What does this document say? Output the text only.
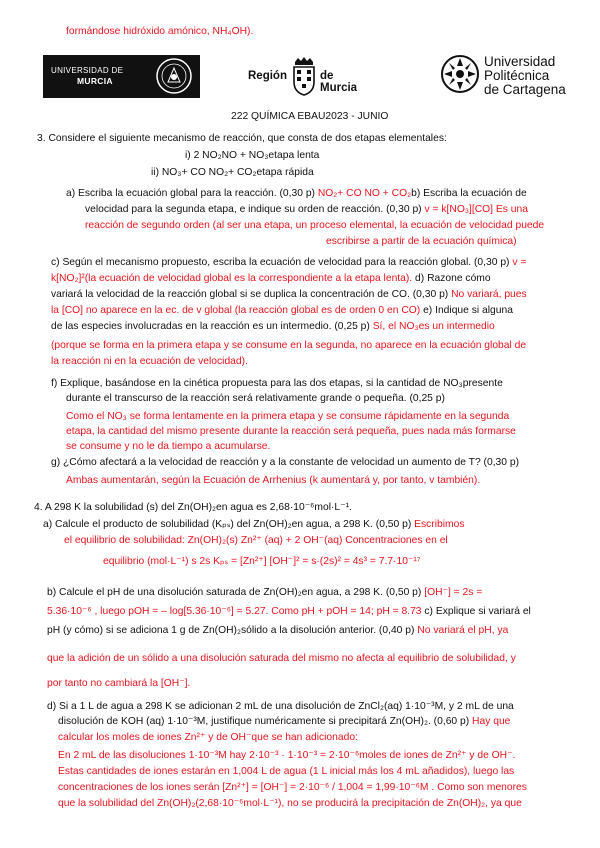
formándose hidróxido amónico, NH₄OH).
UNIVERSIDAD DE
MURCIA	Región	de Murcia
Universidad
Politécnica
de Cartagena
222 QUÍMICA EBAU2023 - JUNIO
3. Considere el siguiente mecanismo de reacción, que consta de dos etapas elementales:
i) 2 NO₂NO + NO₃etapa lenta
ii) NO₃+ CO NO₂+ CO₂etapa rápida
a) Escriba la ecuación global para la reacción. (0,30 p) NO₂+ CO NO + CO₂b) Escriba la ecuación de
velocidad para la segunda etapa, e indique su orden de reacción. (0,30 p) v = k[NO₃][CO] Es una
reacción de segundo orden (al ser una etapa, un proceso elemental, la ecuación de velocidad puede
escribirse a partir de la ecuación química)
c) Según el mecanismo propuesto, escriba la ecuación de velocidad para la reacción global. (0,30 p) v =
k[NO₂]²(la ecuación de velocidad global es la correspondiente a la etapa lenta). d) Razone cómo
variará la velocidad de la reacción global si se duplica la concentración de CO. (0,30 p) No variará, pues
la [CO] no aparece en la ec. de v global (la reacción global es de orden 0 en CO) e) Indique si alguna
de las especies involucradas en la reacción es un intermedio. (0,25 p) Sí, el NO₃es un intermedio
(porque se forma en la primera etapa y se consume en la segunda, no aparece en la ecuación global de
la reacción ni en la ecuación de velocidad).
f) Explique, basándose en la cinética propuesta para las dos etapas, si la cantidad de NO₃presente
durante el transcurso de la reacción será relativamente grande o pequeña. (0,25 p)
Como el NO₃ se forma lentamente en la primera etapa y se consume rápidamente en la segunda
etapa, la cantidad del mismo presente durante la reacción será pequeña, pues nada más formarse
se consume y no le da tiempo a acumularse.
g) ¿Cómo afectará a la velocidad de reacción y a la constante de velocidad un aumento de T? (0,30 p)
Ambas aumentarán, según la Ecuación de Arrhenius (k aumentará y, por tanto, v también).
4. A 298 K la solubilidad (s) del Zn(OH)₂en agua es 2,68·10⁻⁶mol·L⁻¹.
a) Calcule el producto de solubilidad (Kₚₛ) del Zn(OH)₂en agua, a 298 K. (0,50 p) Escribimos
el equilibrio de solubilidad: Zn(OH)₂(s) Zn²⁺ (aq) + 2 OH⁻(aq) Concentraciones en el
equilibrio (mol·L⁻¹) s 2s Kₚₛ = [Zn²⁺] [OH⁻]² = s·(2s)² = 4s³ = 7.7·10⁻¹⁷
b) Calcule el pH de una disolución saturada de Zn(OH)₂en agua, a 298 K. (0,50 p) [OH⁻] = 2s =
5.36·10⁻⁶ , luego pOH = – log[5.36·10⁻⁶] = 5.27. Como pH + pOH = 14; pH = 8.73 c) Explique si variará el
pH (y cómo) si se adiciona 1 g de Zn(OH)₂sólido a la disolución anterior. (0,40 p) No variará el pH, ya
que la adición de un sólido a una disolución saturada del mismo no afecta al equilibrio de solubilidad, y
por tanto no cambiará la [OH⁻].
d) Si a 1 L de agua a 298 K se adicionan 2 mL de una disolución de ZnCl₂(aq) 1·10⁻³M, y 2 mL de una
disolución de KOH (aq) 1·10⁻³M, justifique numéricamente si precipitará Zn(OH)₂. (0,60 p) Hay que
calcular los moles de iones Zn²⁺ y de OH⁻que se han adicionado:
En 2 mL de las disoluciones 1·10⁻³M hay 2·10⁻³ · 1·10⁻³ = 2·10⁻⁶moles de iones de Zn²⁺ y de OH⁻.
Estas cantidades de iones estarán en 1,004 L de agua (1 L inicial más los 4 mL añadidos), luego las
concentraciones de los iones serán [Zn²⁺] = [OH⁻] = 2·10⁻⁶ / 1,004 = 1,99·10⁻⁶M . Como son menores
que la solubilidad del Zn(OH)₂(2,68·10⁻⁶mol·L⁻¹), no se producirá la precipitación de Zn(OH)₂, ya que
